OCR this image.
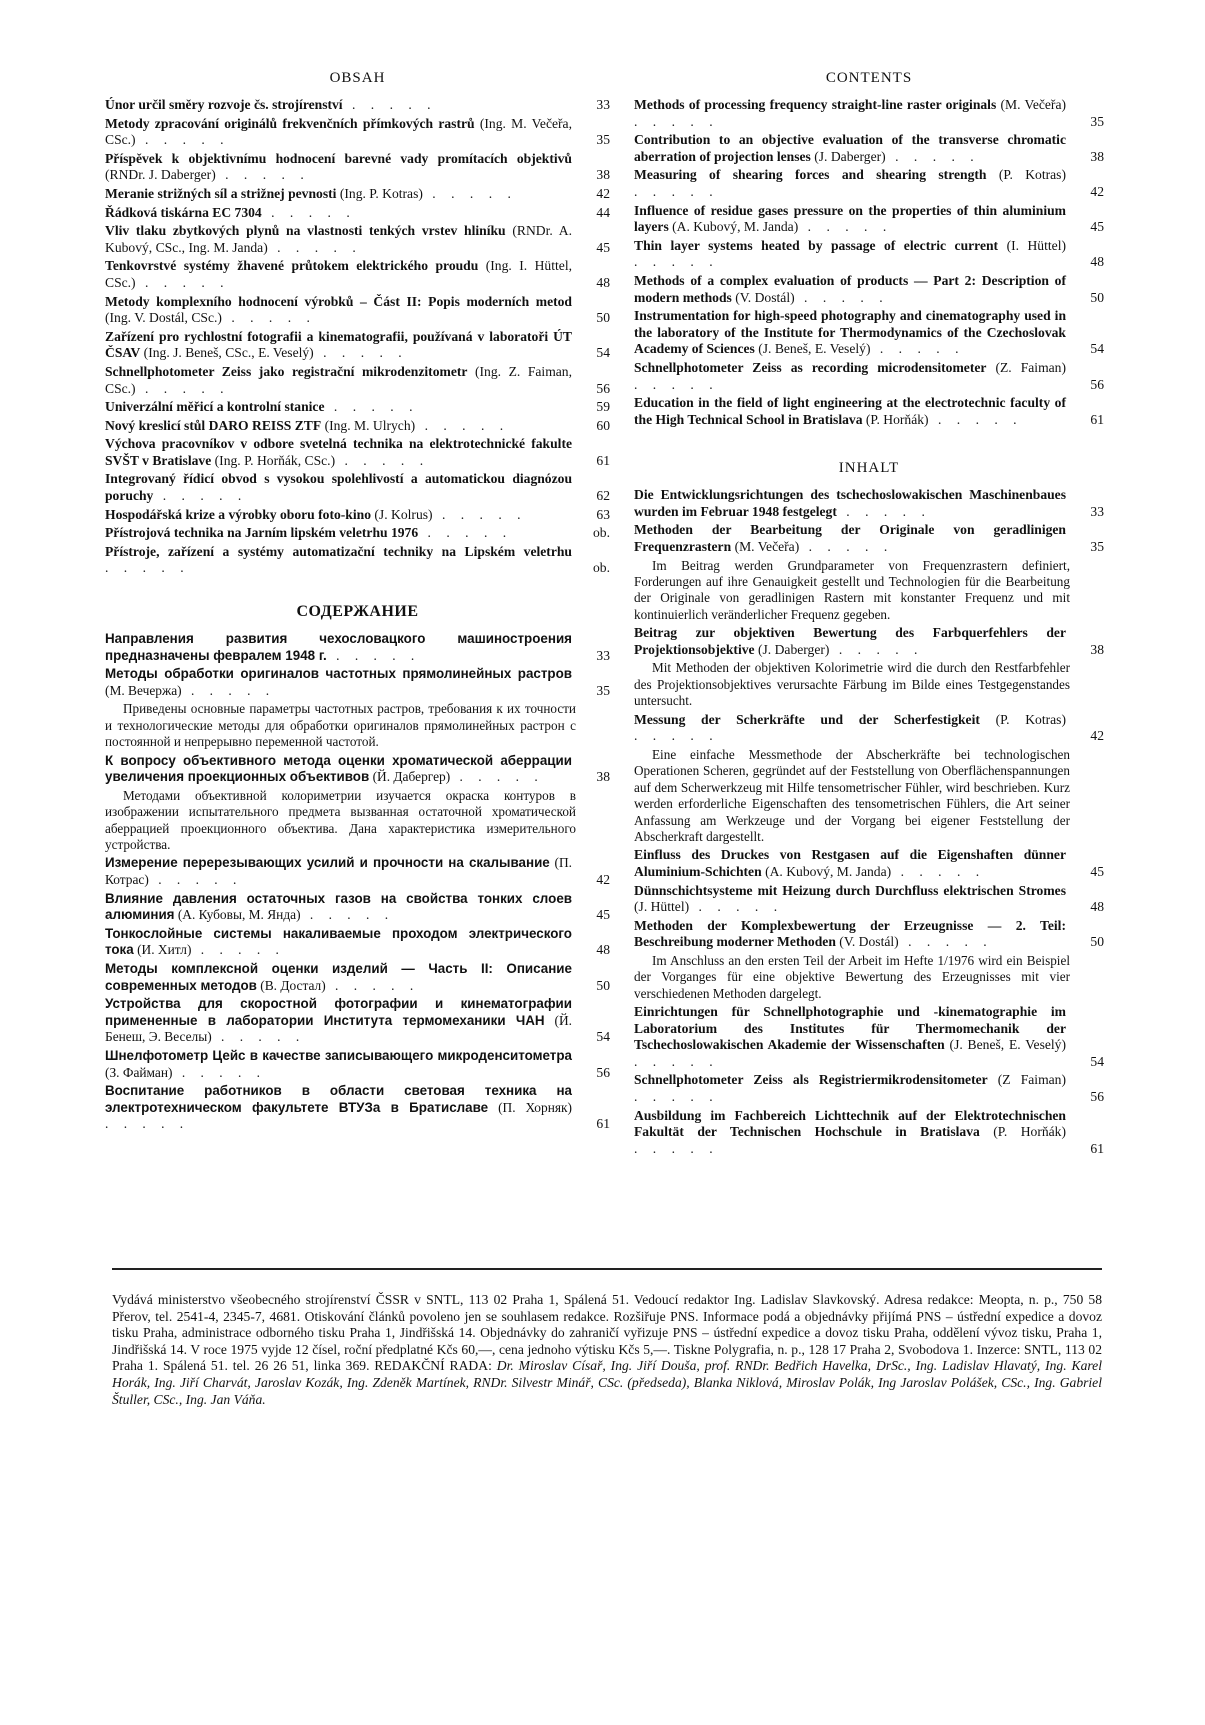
OBSAH
Únor určil směry rozvoje čs. strojírenství . . . . .	33
Metody zpracování originálů frekvenčních přímkových rastrů (Ing. M. Večeřa, CSc.) . . . . .	35
Příspěvek k objektivnímu hodnocení barevné vady promítacích objektivů (RNDr. J. Daberger) . . . . .	38
Meranie strižných síl a strižnej pevnosti (Ing. P. Kotras) . . . . .	42
Řádková tiskárna EC 7304 . . . . .	44
Vliv tlaku zbytkových plynů na vlastnosti tenkých vrstev hliníku (RNDr. A. Kubový, CSc., Ing. M. Janda) . . . . .	45
Tenkovrstvé systémy žhavené průtokem elektrického proudu (Ing. I. Hüttel, CSc.) . . . . .	48
Metody komplexního hodnocení výrobků – Část II: Popis moderních metod (Ing. V. Dostál, CSc.) . . . . .	50
Zařízení pro rychlostní fotografii a kinematografii, používaná v laboratoři ÚT ČSAV (Ing. J. Beneš, CSc., E. Veselý) . . . . .	54
Schnellphotometer Zeiss jako registrační mikrodenzitometr (Ing. Z. Faiman, CSc.) . . . . .	56
Univerzální měřicí a kontrolní stanice . . . . .	59
Nový kreslicí stůl DARO REISS ZTF (Ing. M. Ulrych) . . . . .	60
Výchova pracovníkov v odbore svetelná technika na elektrotechnické fakulte SVŠT v Bratislave (Ing. P. Horňák, CSc.) . . . . .	61
Integrovaný řídicí obvod s vysokou spolehlivostí a automatickou diagnózou poruchy . . . . .	62
Hospodářská krize a výrobky oboru foto-kino (J. Kolrus) . . . . .	63
Přístrojová technika na Jarním lipském veletrhu 1976 . . . . .	ob.
Přístroje, zařízení a systémy automatizační techniky na Lipském veletrhu . . . . .	ob.
СОДЕРЖАНИЕ
Направления развития чехословацкого машиностроения предназначены февралем 1948 г. . . . . .	33
Методы обработки оригиналов частотных прямолинейных растров (М. Вечержа) . . . . .	35
Приведены основные параметры частотных растров, требования к их точности и технологические методы для обработки оригиналов прямолинейных растрон с постоянной и непрерывно переменной частотой.
К вопросу объективного метода оценки хроматической аберрации увеличения проекционных объективов (Й. Дабергер) . . . . .	38
Методами объективной колориметрии изучается окраска контуров в изображении испытательного предмета вызванная остаточной хроматической аберрацией проекционного объектива. Дана характеристика измерительного устройства.
Измерение перерезывающих усилий и прочности на скалывание (П. Котрас) . . . . .	42
Влияние давления остаточных газов на свойства тонких слоев алюминия (А. Кубовы, М. Янда) . . . . .	45
Тонкослойные системы накаливаемые проходом электрического тока (И. Хитл) . . . . .	48
Методы комплексной оценки изделий — Часть II: Описание современных методов (В. Достал) . . . . .	50
Устройства для скоростной фотографии и кинематографии примененные в лаборатории Института термомеханики ЧАН (Й. Бенеш, Э. Веселы) . . . . .	54
Шнелфотометр Цейс в качестве записывающего микроденситометра (З. Файман) . . . . .	56
Воспитание работников в области световая техника на электротехническом факультете ВТУЗа в Братиславе (П. Хорняк) . . . . .	61
CONTENTS
Methods of processing frequency straight-line raster originals (M. Večeřa) . . . . .	35
Contribution to an objective evaluation of the transverse chromatic aberration of projection lenses (J. Daberger) . . . . .	38
Measuring of shearing forces and shearing strength (P. Kotras) . . . . .	42
Influence of residue gases pressure on the properties of thin aluminium layers (A. Kubový, M. Janda) . . . . .	45
Thin layer systems heated by passage of electric current (I. Hüttel) . . . . .	48
Methods of a complex evaluation of products — Part 2: Description of modern methods (V. Dostál) . . . . .	50
Instrumentation for high-speed photography and cinematography used in the laboratory of the Institute for Thermodynamics of the Czechoslovak Academy of Sciences (J. Beneš, E. Veselý) . . . . .	54
Schnellphotometer Zeiss as recording microdensitometer (Z. Faiman) . . . . .	56
Education in the field of light engineering at the electrotechnic faculty of the High Technical School in Bratislava (P. Horňák) . . . . .	61
INHALT
Die Entwicklungsrichtungen des tschechoslowakischen Maschinenbaues wurden im Februar 1948 festgelegt . . . . .	33
Methoden der Bearbeitung der Originale von geradlinigen Frequenzrastern (M. Večeřa) . . . . .	35
Im Beitrag werden Grundparameter von Frequenzrastern definiert, Forderungen auf ihre Genauigkeit gestellt und Technologien für die Bearbeitung der Originale von geradlinigen Rastern mit konstanter Frequenz und mit kontinuierlich veränderlicher Frequenz gegeben.
Beitrag zur objektiven Bewertung des Farbquerfehlers der Projektionsobjektive (J. Daberger) . . . . .	38
Mit Methoden der objektiven Kolorimetrie wird die durch den Restfarbfehler des Projektionsobjektives verursachte Färbung im Bilde eines Testgegenstandes untersucht.
Messung der Scherkräfte und der Scherfestigkeit (P. Kotras) . . . . .	42
Eine einfache Messmethode der Abscherkräfte bei technologischen Operationen Scheren, gegründet auf der Feststellung von Oberflächenspannungen auf dem Scherwerkzeug mit Hilfe tensometrischer Fühler, wird beschrieben. Kurz werden erforderliche Eigenschaften des tensometrischen Fühlers, die Art seiner Anfassung am Werkzeuge und der Vorgang bei eigener Feststellung der Abscherkraft dargestellt.
Einfluss des Druckes von Restgasen auf die Eigenshaften dünner Aluminium-Schichten (A. Kubový, M. Janda) . . . . .	45
Dünnschichtsysteme mit Heizung durch Durchfluss elektrischen Stromes (J. Hüttel) . . . . .	48
Methoden der Komplexbewertung der Erzeugnisse — 2. Teil: Beschreibung moderner Methoden (V. Dostál) . . . . .	50
Im Anschluss an den ersten Teil der Arbeit im Hefte 1/1976 wird ein Beispiel der Vorganges für eine objektive Bewertung des Erzeugnisses mit vier verschiedenen Methoden dargelegt.
Einrichtungen für Schnellphotographie und -kinematographie im Laboratorium des Institutes für Thermomechanik der Tschechoslowakischen Akademie der Wissenschaften (J. Beneš, E. Veselý) . . . . .	54
Schnellphotometer Zeiss als Registriermikrodensitometer (Z Faiman) . . . . .	56
Ausbildung im Fachbereich Lichttechnik auf der Elektrotechnischen Fakultät der Technischen Hochschule in Bratislava (P. Horňák) . . . . .	61
Vydává ministerstvo všeobecného strojírenství ČSSR v SNTL, 113 02 Praha 1, Spálená 51. Vedoucí redaktor Ing. Ladislav Slavkovský. Adresa redakce: Meopta, n. p., 750 58 Přerov, tel. 2541-4, 2345-7, 4681. Otiskování článků povoleno jen se souhlasem redakce. Rozšiřuje PNS. Informace podá a objednávky přijímá PNS – ústřední expedice a dovoz tisku Praha, administrace odborného tisku Praha 1, Jindřišská 14. Objednávky do zahraničí vyřizuje PNS – ústřední expedice a dovoz tisku Praha, oddělení vývoz tisku, Praha 1, Jindřišská 14. V roce 1975 vyjde 12 čísel, roční předplatné Kčs 60,—, cena jednoho výtisku Kčs 5,—. Tiskne Polygrafia, n. p., 128 17 Praha 2, Svobodova 1. Inzerce: SNTL, 113 02 Praha 1. Spálená 51. tel. 26 26 51, linka 369. REDAKČNÍ RADA: Dr. Miroslav Císař, Ing. Jiří Douša, prof. RNDr. Bedřich Havelka, DrSc., Ing. Ladislav Hlavatý, Ing. Karel Horák, Ing. Jiří Charvát, Jaroslav Kozák, Ing. Zdeněk Martínek, RNDr. Silvestr Minář, CSc. (předseda), Blanka Niklová, Miroslav Polák, Ing Jaroslav Polášek, CSc., Ing. Gabriel Štuller, CSc., Ing. Jan Váňa.
